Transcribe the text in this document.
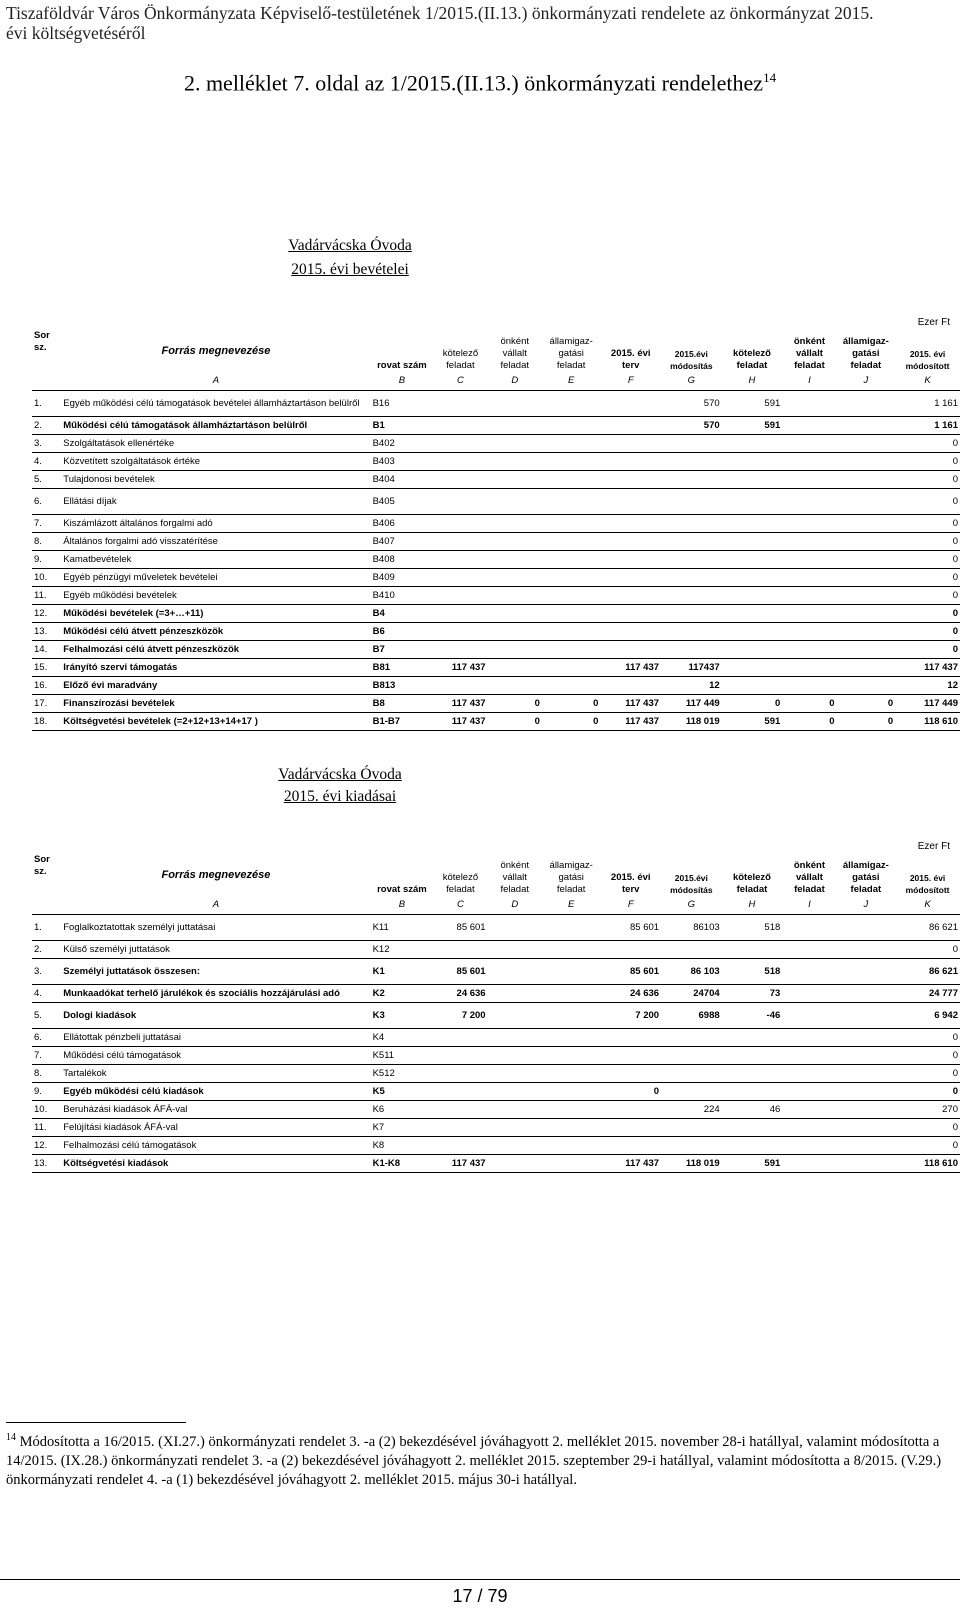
Tiszaföldvár Város Önkormányzata Képviselő-testületének 1/2015.(II.13.) önkormányzati rendelete az önkormányzat 2015.
évi költségvetéséről
2. melléklet 7. oldal az 1/2015.(II.13.) önkormányzati rendelethez$^{14}$
Vadárvácska Óvoda
2015. évi bevételei
Ezer Ft
Sor sz.	Forrás megnevezése	rovat szám	kötelező feladat	önként vállalt feladat	államigaz-gatási feladat	2015. évi terv	2015.évi módosítás	kötelező feladat	önként vállalt feladat	államigaz-gatási feladat	2015. évi módosított
	A	B	C	D	E	F	G	H	I	J	K
1.	Egyéb működési célú támogatások bevételei államháztartáson belülről	B16					570	591			1 161
2.	Működési célú támogatások államháztartáson belülről	B1					570	591			1 161
3.	Szolgáltatások ellenértéke	B402									0
4.	Közvetített szolgáltatások értéke	B403									0
5.	Tulajdonosi bevételek	B404									0
6.	Ellátási díjak	B405									0
7.	Kiszámlázott általános forgalmi adó	B406									0
8.	Általános forgalmi adó visszatérítése	B407									0
9.	Kamatbevételek	B408									0
10.	Egyéb pénzügyi műveletek bevételei	B409									0
11.	Egyéb működési bevételek	B410									0
12.	Működési bevételek (=3+…+11)	B4									0
13.	Működési célú átvett pénzeszközök	B6									0
14.	Felhalmozási célú átvett pénzeszközök	B7									0
15.	Irányító szervi támogatás	B81	117 437			117 437	117437				117 437
16.	Előző évi maradvány	B813					12				12
17.	Finanszírozási bevételek	B8	117 437	0	0	117 437	117 449	0	0	0	117 449
18.	Költségvetési bevételek (=2+12+13+14+17 )	B1-B7	117 437	0	0	117 437	118 019	591	0	0	118 610
Vadárvácska Óvoda
2015. évi kiadásai
Ezer Ft
Sor sz.	Forrás megnevezése	rovat szám	kötelező feladat	önként vállalt feladat	államigaz-gatási feladat	2015. évi terv	2015.évi módosítás	kötelező feladat	önként vállalt feladat	államigaz-gatási feladat	2015. évi módosított
	A	B	C	D	E	F	G	H	I	J	K
1.	Foglalkoztatottak személyi juttatásai	K11	85 601			85 601	86103	518			86 621
2.	Külső személyi juttatások	K12									0
3.	Személyi juttatások összesen:	K1	85 601			85 601	86 103	518			86 621
4.	Munkaadókat terhelő járulékok és szociális hozzájárulási adó	K2	24 636			24 636	24704	73			24 777
5.	Dologi kiadások	K3	7 200			7 200	6988	-46			6 942
6.	Ellátottak pénzbeli juttatásai	K4									0
7.	Működési célú támogatások	K511									0
8.	Tartalékok	K512									0
9.	Egyéb működési célú kiadások	K5				0					0
10.	Beruházási kiadások ÁFÁ-val	K6					224	46			270
11.	Felújítási kiadások ÁFÁ-val	K7									0
12.	Felhalmozási célú támogatások	K8									0
13.	Költségvetési kiadások	K1-K8	117 437			117 437	118 019	591			118 610
$^{14}$ Módosította a 16/2015. (XI.27.) önkormányzati rendelet 3. -a (2) bekezdésével jóváhagyott 2. melléklet 2015. november 28-i hatállyal, valamint módosította a 14/2015. (IX.28.) önkormányzati rendelet 3. -a (2) bekezdésével jóváhagyott 2. melléklet 2015. szeptember 29-i hatállyal, valamint módosította a 8/2015. (V.29.) önkormányzati rendelet 4. -a (1) bekezdésével jóváhagyott 2. melléklet 2015. május 30-i hatállyal.
17 / 79
